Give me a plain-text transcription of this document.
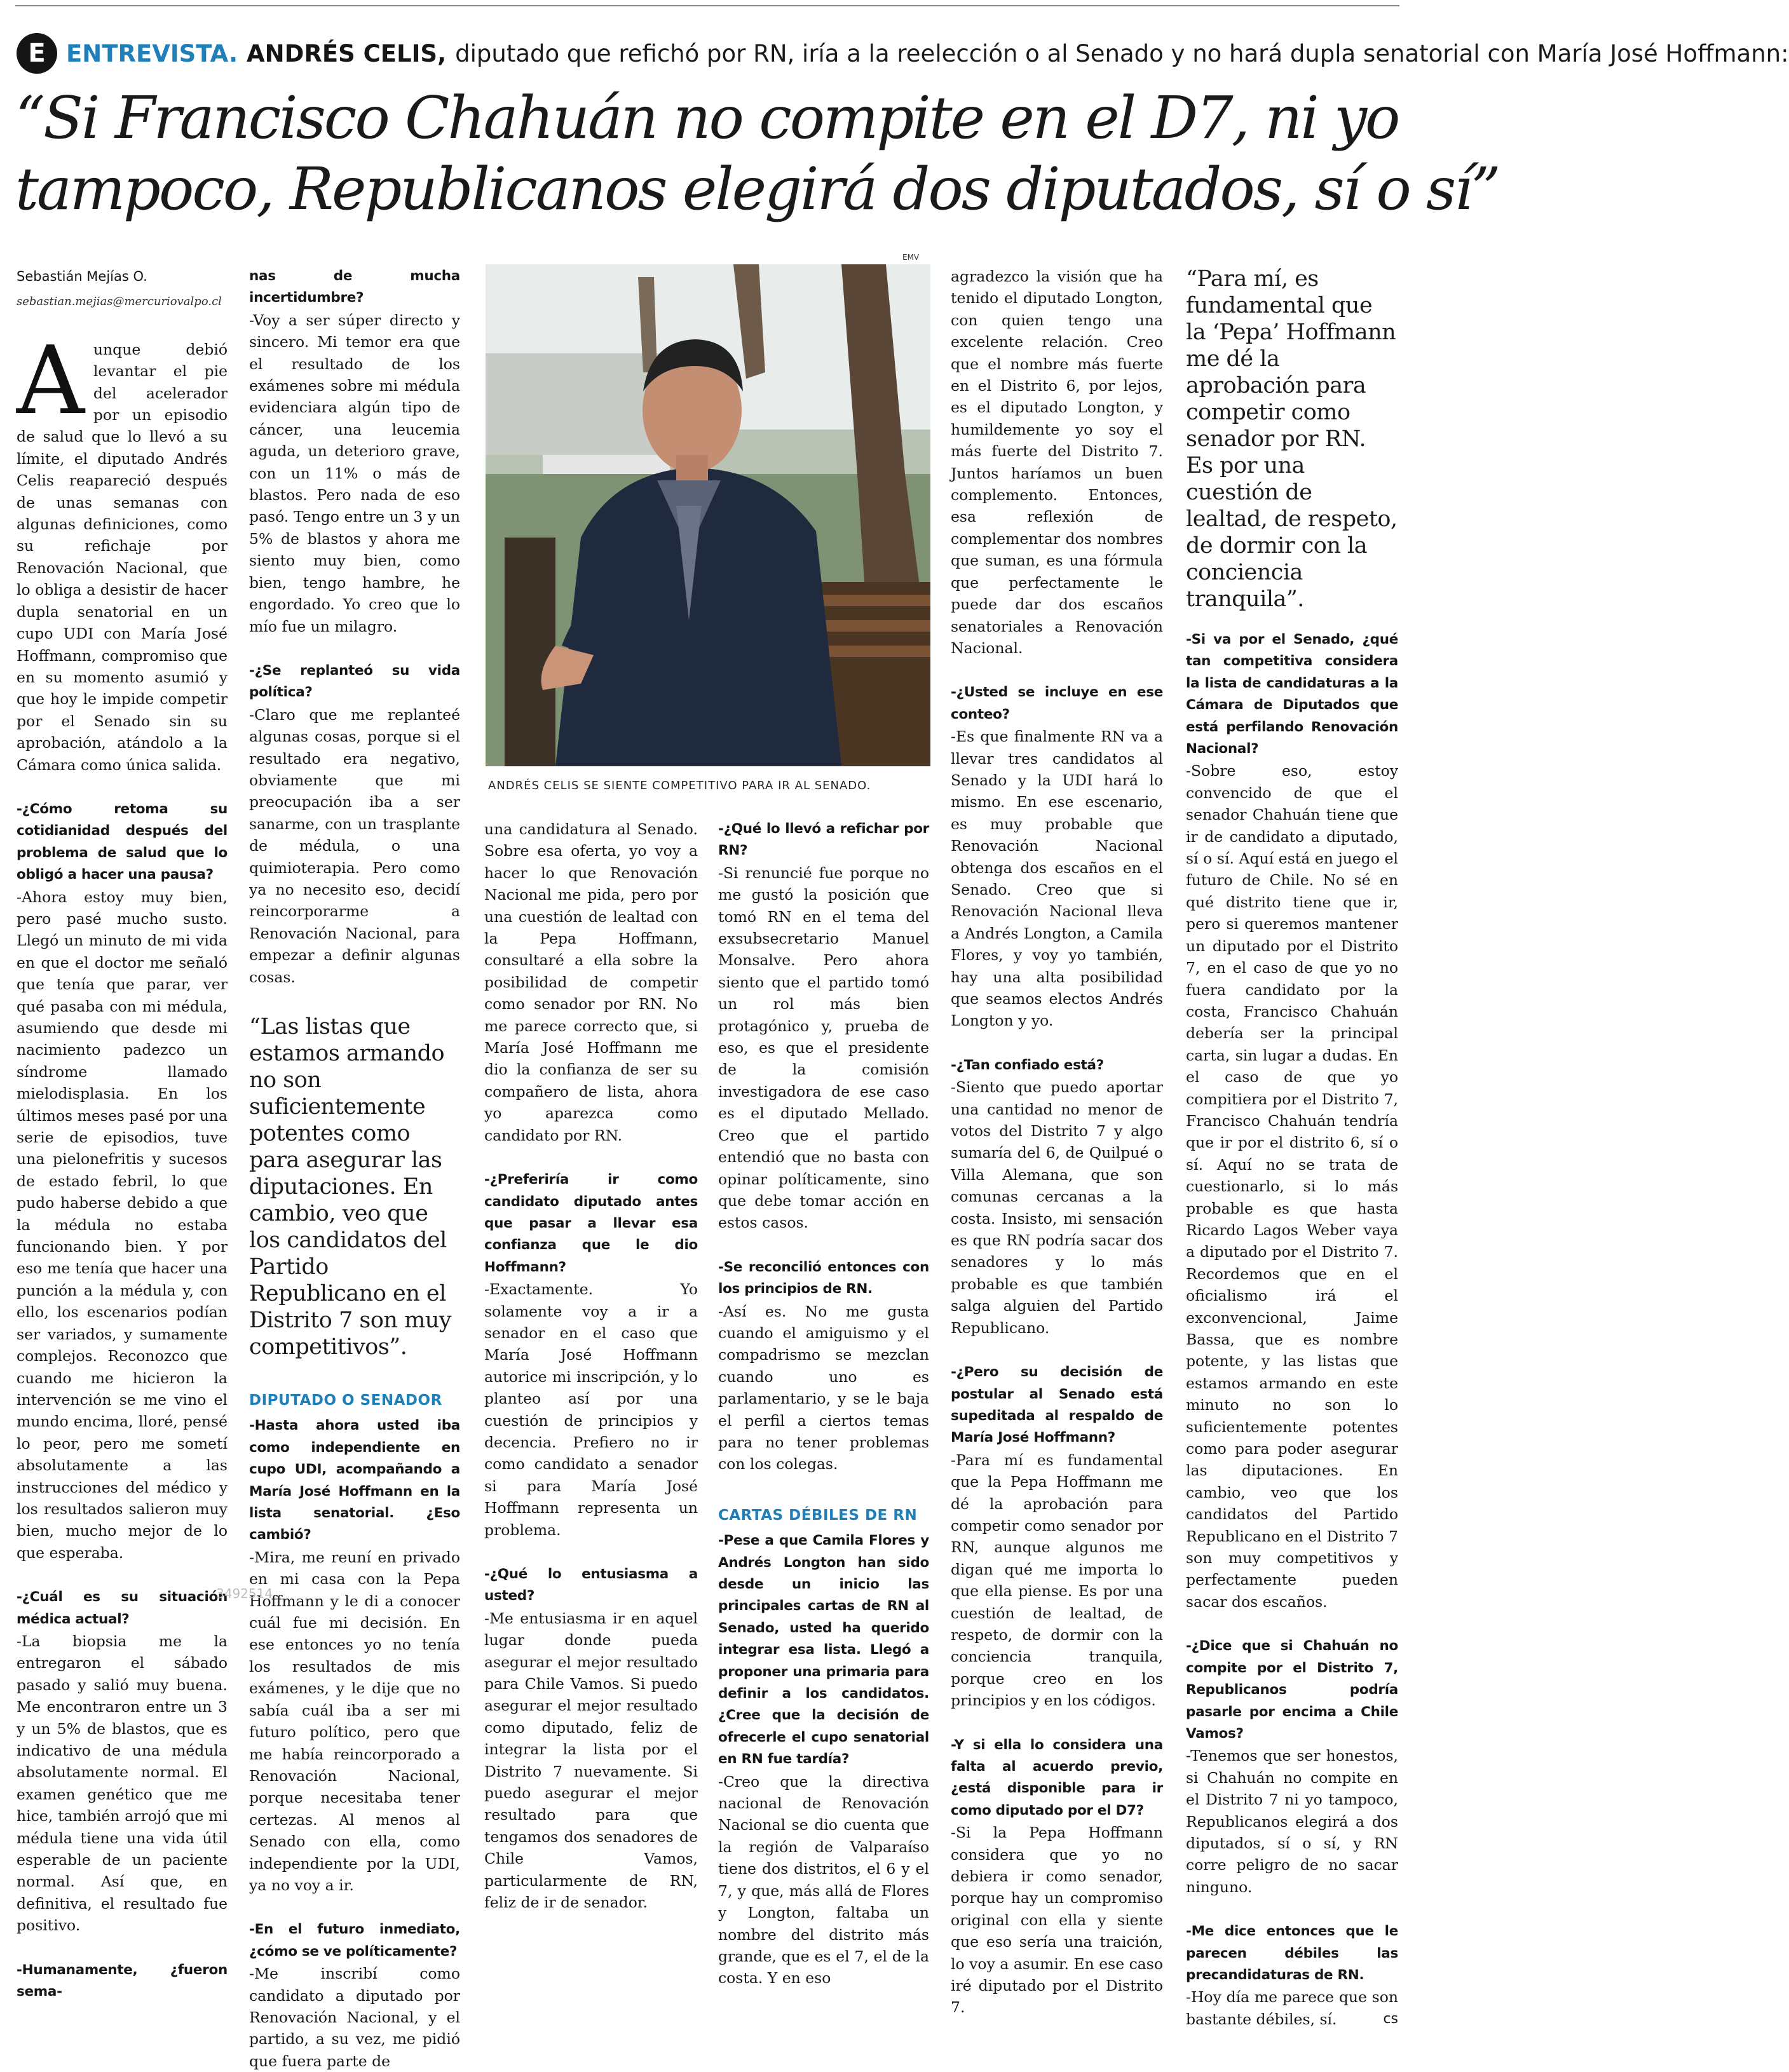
E ENTREVISTA. ANDRÉS CELIS, diputado que refichó por RN, iría a la reelección o al Senado y no hará dupla senatorial con María José Hoffmann:
“Si Francisco Chahuán no compite en el D7, ni yo
tampoco, Republicanos elegirá dos diputados, sí o sí”
Sebastián Mejías O.
sebastian.mejias@mercuriovalpo.cl

Aunque debió levantar el pie del acelerador por un episodio de salud que lo llevó a su límite, el diputado Andrés Celis reapareció después de unas semanas con algunas definiciones, como su refichaje por Renovación Nacional, que lo obliga a desistir de hacer dupla senatorial en un cupo UDI con María José Hoffmann, compromiso que en su momento asumió y que hoy le impide competir por el Senado sin su aprobación, atándolo a la Cámara como única salida.

-¿Cómo retoma su cotidianidad después del problema de salud que lo obligó a hacer una pausa?

-Ahora estoy muy bien, pero pasé mucho susto. Llegó un minuto de mi vida en que el doctor me señaló que tenía que parar, ver qué pasaba con mi médula, asumiendo que desde mi nacimiento padezco un síndrome llamado mielodisplasia. En los últimos meses pasé por una serie de episodios, tuve una pielonefritis y sucesos de estado febril, lo que pudo haberse debido a que la médula no estaba funcionando bien. Y por eso me tenía que hacer una punción a la médula y, con ello, los escenarios podían ser variados, y sumamente complejos. Reconozco que cuando me hicieron la intervención se me vino el mundo encima, lloré, pensé lo peor, pero me sometí absolutamente a las instrucciones del médico y los resultados salieron muy bien, mucho mejor de lo que esperaba.

-¿Cuál es su situación médica actual?

-La biopsia me la entregaron el sábado pasado y salió muy buena. Me encontraron entre un 3 y un 5% de blastos, que es indicativo de una médula absolutamente normal. El examen genético que me hice, también arrojó que mi médula tiene una vida útil esperable de un paciente normal. Así que, en definitiva, el resultado fue positivo.

-Humanamente, ¿fueron sema-

nas de mucha incertidumbre?

-Voy a ser súper directo y sincero. Mi temor era que el resultado de los exámenes sobre mi médula evidenciara algún tipo de cáncer, una leucemia aguda, un deterioro grave, con un 11% o más de blastos. Pero nada de eso pasó. Tengo entre un 3 y un 5% de blastos y ahora me siento muy bien, como bien, tengo hambre, he engordado. Yo creo que lo mío fue un milagro.

-¿Se replanteó su vida política?

-Claro que me replanteé algunas cosas, porque si el resultado era negativo, obviamente que mi preocupación iba a ser sanarme, con un trasplante de médula, o una quimioterapia. Pero como ya no necesito eso, decidí reincorporarme a Renovación Nacional, para empezar a definir algunas cosas.

“Las listas que estamos armando no son suficientemente potentes como para asegurar las diputaciones. En cambio, veo que los candidatos del Partido Republicano en el Distrito 7 son muy competitivos”.
DIPUTADO O SENADOR

-Hasta ahora usted iba como independiente en cupo UDI, acompañando a María José Hoffmann en la lista senatorial. ¿Eso cambió?

-Mira, me reuní en privado en mi casa con la Pepa Hoffmann y le di a conocer cuál fue mi decisión. En ese entonces yo no tenía los resultados de mis exámenes, y le dije que no sabía cuál iba a ser mi futuro político, pero que me había reincorporado a Renovación Nacional, porque necesitaba tener certezas. Al menos al Senado con ella, como independiente por la UDI, ya no voy a ir.

-En el futuro inmediato, ¿cómo se ve políticamente?

-Me inscribí como candidato a diputado por Renovación Nacional, y el partido, a su vez, me pidió que fuera parte de

EMV
ANDRÉS CELIS SE SIENTE COMPETITIVO PARA IR AL SENADO.

una candidatura al Senado. Sobre esa oferta, yo voy a hacer lo que Renovación Nacional me pida, pero por una cuestión de lealtad con la Pepa Hoffmann, consultaré a ella sobre la posibilidad de competir como senador por RN. No me parece correcto que, si María José Hoffmann me dio la confianza de ser su compañero de lista, ahora yo aparezca como candidato por RN.

-¿Preferiría ir como candidato diputado antes que pasar a llevar esa confianza que le dio Hoffmann?

-Exactamente. Yo solamente voy a ir a senador en el caso que María José Hoffmann autorice mi inscripción, y lo planteo así por una cuestión de principios y decencia. Prefiero no ir como candidato a senador si para María José Hoffmann representa un problema.

-¿Qué lo entusiasma a usted?

-Me entusiasma ir en aquel lugar donde pueda asegurar el mejor resultado para Chile Vamos. Si puedo asegurar el mejor resultado como diputado, feliz de integrar la lista por el Distrito 7 nuevamente. Si puedo asegurar el mejor resultado para que tengamos dos senadores de Chile Vamos, particularmente de RN, feliz de ir de senador.

-¿Qué lo llevó a refichar por RN?

-Si renuncié fue porque no me gustó la posición que tomó RN en el tema del exsubsecretario Manuel Monsalve. Pero ahora siento que el partido tomó un rol más bien protagónico y, prueba de eso, es que el presidente de la comisión investigadora de ese caso es el diputado Mellado. Creo que el partido entendió que no basta con opinar políticamente, sino que debe tomar acción en estos casos.

-Se reconcilió entonces con los principios de RN.

-Así es. No me gusta cuando el amiguismo y el compadrismo se mezclan cuando uno es parlamentario, y se le baja el perfil a ciertos temas para no tener problemas con los colegas.

CARTAS DÉBILES DE RN

-Pese a que Camila Flores y Andrés Longton han sido desde un inicio las principales cartas de RN al Senado, usted ha querido integrar esa lista. Llegó a proponer una primaria para definir a los candidatos. ¿Cree que la decisión de ofrecerle el cupo senatorial en RN fue tardía?

-Creo que la directiva nacional de Renovación Nacional se dio cuenta que la región de Valparaíso tiene dos distritos, el 6 y el 7, y que, más allá de Flores y Longton, faltaba un nombre del distrito más grande, que es el 7, el de la costa. Y en eso

agradezco la visión que ha tenido el diputado Longton, con quien tengo una excelente relación. Creo que el nombre más fuerte en el Distrito 6, por lejos, es el diputado Longton, y humildemente yo soy el más fuerte del Distrito 7. Juntos haríamos un buen complemento. Entonces, esa reflexión de complementar dos nombres que suman, es una fórmula que perfectamente le puede dar dos escaños senatoriales a Renovación Nacional.

-¿Usted se incluye en ese conteo?

-Es que finalmente RN va a llevar tres candidatos al Senado y la UDI hará lo mismo. En ese escenario, es muy probable que Renovación Nacional obtenga dos escaños en el Senado. Creo que si Renovación Nacional lleva a Andrés Longton, a Camila Flores, y voy yo también, hay una alta posibilidad que seamos electos Andrés Longton y yo.

-¿Tan confiado está?

-Siento que puedo aportar una cantidad no menor de votos del Distrito 7 y algo sumaría del 6, de Quilpué o Villa Alemana, que son comunas cercanas a la costa. Insisto, mi sensación es que RN podría sacar dos senadores y lo más probable es que también salga alguien del Partido Republicano.

-¿Pero su decisión de postular al Senado está supeditada al respaldo de María José Hoffmann?

-Para mí es fundamental que la Pepa Hoffmann me dé la aprobación para competir como senador por RN, aunque algunos me digan qué me importa lo que ella piense. Es por una cuestión de lealtad, de respeto, de dormir con la conciencia tranquila, porque creo en los principios y en los códigos.

-Y si ella lo considera una falta al acuerdo previo, ¿está disponible para ir como diputado por el D7?

-Si la Pepa Hoffmann considera que yo no debiera ir como senador, porque hay un compromiso original con ella y siente que eso sería una traición, lo voy a asumir. En ese caso iré diputado por el Distrito 7.

“Para mí, es fundamental que la ‘Pepa’ Hoffmann me dé la aprobación para competir como senador por RN. Es por una cuestión de lealtad, de respeto, de dormir con la conciencia tranquila”.

-Si va por el Senado, ¿qué tan competitiva considera la lista de candidaturas a la Cámara de Diputados que está perfilando Renovación Nacional?

-Sobre eso, estoy convencido de que el senador Chahuán tiene que ir de candidato a diputado, sí o sí. Aquí está en juego el futuro de Chile. No sé en qué distrito tiene que ir, pero si queremos mantener un diputado por el Distrito 7, en el caso de que yo no fuera candidato por la costa, Francisco Chahuán debería ser la principal carta, sin lugar a dudas. En el caso de que yo compitiera por el Distrito 7, Francisco Chahuán tendría que ir por el distrito 6, sí o sí. Aquí no se trata de cuestionarlo, si lo más probable es que hasta Ricardo Lagos Weber vaya a diputado por el Distrito 7. Recordemos que en el oficialismo irá el exconvencional, Jaime Bassa, que es nombre potente, y las listas que estamos armando en este minuto no son lo suficientemente potentes como para poder asegurar las diputaciones. En cambio, veo que los candidatos del Partido Republicano en el Distrito 7 son muy competitivos y perfectamente pueden sacar dos escaños.

-¿Dice que si Chahuán no compite por el Distrito 7, Republicanos podría pasarle por encima a Chile Vamos?

-Tenemos que ser honestos, si Chahuán no compite en el Distrito 7 ni yo tampoco, Republicanos elegirá a dos diputados, sí o sí, y RN corre peligro de no sacar ninguno.

-Me dice entonces que le parecen débiles las precandidaturas de RN.

-Hoy día me parece que son bastante débiles, sí.	cs

3492514
